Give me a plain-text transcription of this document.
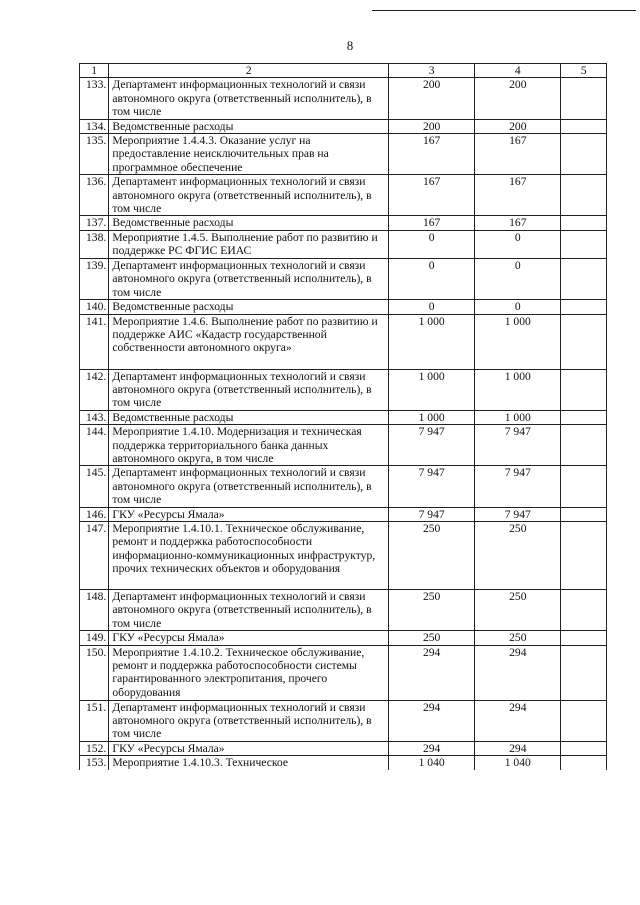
8
1	2	3	4	5
133.	Департамент информационных технологий и связи автономного округа (ответственный исполнитель), в том числе	200	200	
134.	Ведомственные расходы	200	200	
135.	Мероприятие 1.4.4.3. Оказание услуг на предоставление неисключительных прав на программное обеспечение	167	167	
136.	Департамент информационных технологий и связи автономного округа (ответственный исполнитель), в том числе	167	167	
137.	Ведомственные расходы	167	167	
138.	Мероприятие 1.4.5. Выполнение работ по развитию и поддержке РС ФГИС ЕИАС	0	0	
139.	Департамент информационных технологий и связи автономного округа (ответственный исполнитель), в том числе	0	0	
140.	Ведомственные расходы	0	0	
141.	Мероприятие 1.4.6. Выполнение работ по развитию и поддержке АИС «Кадастр государственной собственности автономного округа»	1 000	1 000	
142.	Департамент информационных технологий и связи автономного округа (ответственный исполнитель), в том числе	1 000	1 000	
143.	Ведомственные расходы	1 000	1 000	
144.	Мероприятие 1.4.10. Модернизация и техническая поддержка территориального банка данных автономного округа, в том числе	7 947	7 947	
145.	Департамент информационных технологий и связи автономного округа (ответственный исполнитель), в том числе	7 947	7 947	
146.	ГКУ «Ресурсы Ямала»	7 947	7 947	
147.	Мероприятие 1.4.10.1. Техническое обслуживание, ремонт и поддержка работоспособности информационно-коммуникационных инфраструктур, прочих технических объектов и оборудования	250	250	
148.	Департамент информационных технологий и связи автономного округа (ответственный исполнитель), в том числе	250	250	
149.	ГКУ «Ресурсы Ямала»	250	250	
150.	Мероприятие 1.4.10.2. Техническое обслуживание, ремонт и поддержка работоспособности системы гарантированного электропитания, прочего оборудования	294	294	
151.	Департамент информационных технологий и связи автономного округа (ответственный исполнитель), в том числе	294	294	
152.	ГКУ «Ресурсы Ямала»	294	294	
153.	Мероприятие 1.4.10.3. Техническое	1 040	1 040	
